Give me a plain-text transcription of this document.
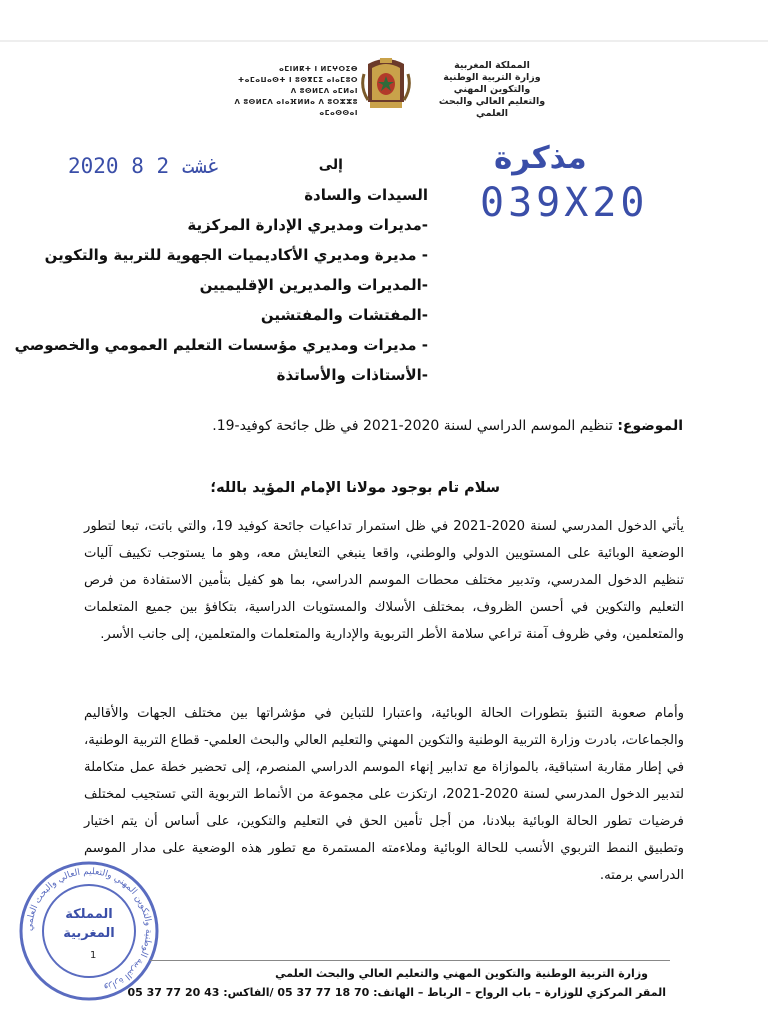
ⴰⵎⵏⵍⴽⵜ ⵏ ⵍⵎⵖⵔⵉⴱ
ⵜⴰⵎⴰⵡⴰⵙⵜ ⵏ ⵓⵙⴳⵎⵉ ⴰⵏⴰⵎⵓⵔ
ⴷ ⵓⵙⵍⵎⴷ ⴰⵎⵍⴰⵏ
ⴷ ⵓⵙⵍⵎⴷ ⴰⵏⴰⴼⵍⵍⴰ ⴷ ⵓⵔⵣⵣⵓ ⴰⵎⴰⵙⵙⴰⵏ
المملكة المغربية
وزارة التربية الوطنية
والتكوين المهني
والتعليم العالي والبحث العلمي
2020 غشت 2 8	مذكرة
039X20
إلى
السيدات والسادة
-مديرات ومديري الإدارة المركزية
- مديرة ومديري الأكاديميات الجهوية للتربية والتكوين
-المديرات والمديرين الإقليميين
-المفتشات والمفتشين
- مديرات ومديري مؤسسات التعليم العمومي والخصوصي
-الأستاذات والأساتذة
الموضوع: تنظيم الموسم الدراسي لسنة 2020-2021 في ظل جائحة كوفيد-19.
سلام تام بوجود مولانا الإمام المؤيد بالله؛
يأتي الدخول المدرسي لسنة 2020-2021 في ظل استمرار تداعيات جائحة كوفيد 19، والتي باتت، تبعا لتطور الوضعية الوبائية على المستويين الدولي والوطني، واقعا ينبغي التعايش معه، وهو ما يستوجب تكييف آليات تنظيم الدخول المدرسي، وتدبير مختلف محطات الموسم الدراسي، بما هو كفيل بتأمين الاستفادة من فرص التعليم والتكوين في أحسن الظروف، بمختلف الأسلاك والمستويات الدراسية، بتكافؤ بين جميع المتعلمات والمتعلمين، وفي ظروف آمنة تراعي سلامة الأطر التربوية والإدارية والمتعلمات والمتعلمين، إلى جانب الأسر.
وأمام صعوبة التنبؤ بتطورات الحالة الوبائية، واعتبارا للتباين في مؤشراتها بين مختلف الجهات والأقاليم والجماعات، بادرت وزارة التربية الوطنية والتكوين المهني والتعليم العالي والبحث العلمي- قطاع التربية الوطنية، في إطار مقاربة استباقية، بالموازاة مع تدابير إنهاء الموسم الدراسي المنصرم، إلى تحضير خطة عمل متكاملة لتدبير الدخول المدرسي لسنة 2020-2021، ارتكزت على مجموعة من الأنماط التربوية التي تستجيب لمختلف فرضيات تطور الحالة الوبائية ببلادنا، من أجل تأمين الحق في التعليم والتكوين، على أساس أن يتم اختيار وتطبيق النمط التربوي الأنسب للحالة الوبائية وملاءمته المستمرة مع تطور هذه الوضعية على مدار الموسم الدراسي برمته.
وزارة التربية الوطنية والتكوين المهني والتعليم العالي والبحث العلمي
المملكة
المغربية
1
وزارة التربية الوطنية والتكوين المهني والتعليم العالي والبحث العلمي
المقر المركزي للوزارة – باب الرواح – الرباط – الهاتف: 70 18 77 37 05 /الفاكس: 43 20 77 37 05
